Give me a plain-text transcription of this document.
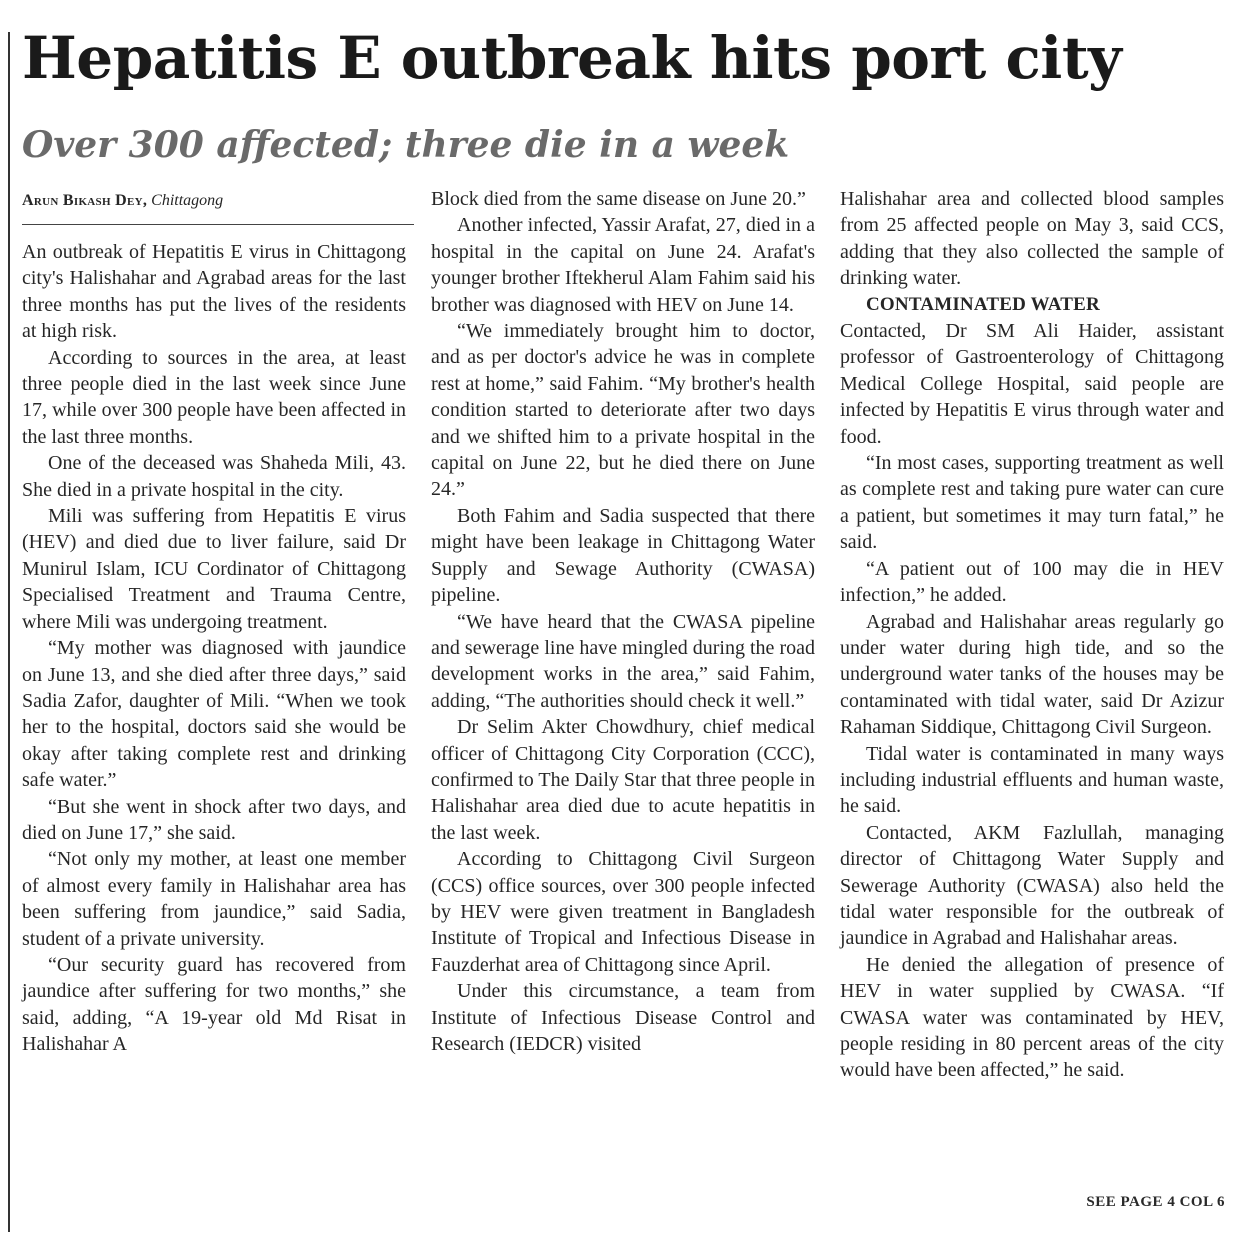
Hepatitis E outbreak hits port city
Over 300 affected; three die in a week
Arun Bikash Dey, Chittagong

An outbreak of Hepatitis E virus in Chittagong city's Halishahar and Agrabad areas for the last three months has put the lives of the residents at high risk.

According to sources in the area, at least three people died in the last week since June 17, while over 300 people have been affected in the last three months.

One of the deceased was Shaheda Mili, 43. She died in a private hospital in the city.

Mili was suffering from Hepatitis E virus (HEV) and died due to liver failure, said Dr Munirul Islam, ICU Cordinator of Chittagong Specialised Treatment and Trauma Centre, where Mili was undergoing treatment.

“My mother was diagnosed with jaundice on June 13, and she died after three days,” said Sadia Zafor, daughter of Mili. “When we took her to the hospital, doctors said she would be okay after taking complete rest and drinking safe water.”

“But she went in shock after two days, and died on June 17,” she said.

“Not only my mother, at least one member of almost every family in Halishahar area has been suffering from jaundice,” said Sadia, student of a private university.

“Our security guard has recovered from jaundice after suffering for two months,” she said, adding, “A 19-year old Md Risat in Halishahar A

Block died from the same disease on June 20.”

Another infected, Yassir Arafat, 27, died in a hospital in the capital on June 24. Arafat's younger brother Iftekherul Alam Fahim said his brother was diagnosed with HEV on June 14.

“We immediately brought him to doctor, and as per doctor's advice he was in complete rest at home,” said Fahim. “My brother's health condition started to deteriorate after two days and we shifted him to a private hospital in the capital on June 22, but he died there on June 24.”

Both Fahim and Sadia suspected that there might have been leakage in Chittagong Water Supply and Sewage Authority (CWASA) pipeline.

“We have heard that the CWASA pipeline and sewerage line have mingled during the road development works in the area,” said Fahim, adding, “The authorities should check it well.”

Dr Selim Akter Chowdhury, chief medical officer of Chittagong City Corporation (CCC), confirmed to The Daily Star that three people in Halishahar area died due to acute hepatitis in the last week.

According to Chittagong Civil Surgeon (CCS) office sources, over 300 people infected by HEV were given treatment in Bangladesh Institute of Tropical and Infectious Disease in Fauzderhat area of Chittagong since April.

Under this circumstance, a team from Institute of Infectious Disease Control and Research (IEDCR) visited

Halishahar area and collected blood samples from 25 affected people on May 3, said CCS, adding that they also collected the sample of drinking water.

CONTAMINATED WATER

Contacted, Dr SM Ali Haider, assistant professor of Gastroenterology of Chittagong Medical College Hospital, said people are infected by Hepatitis E virus through water and food.

“In most cases, supporting treatment as well as complete rest and taking pure water can cure a patient, but sometimes it may turn fatal,” he said.

“A patient out of 100 may die in HEV infection,” he added.

Agrabad and Halishahar areas regularly go under water during high tide, and so the underground water tanks of the houses may be contaminated with tidal water, said Dr Azizur Rahaman Siddique, Chittagong Civil Surgeon.

Tidal water is contaminated in many ways including industrial effluents and human waste, he said.

Contacted, AKM Fazlullah, managing director of Chittagong Water Supply and Sewerage Authority (CWASA) also held the tidal water responsible for the outbreak of jaundice in Agrabad and Halishahar areas.

He denied the allegation of presence of HEV in water supplied by CWASA. “If CWASA water was contaminated by HEV, people residing in 80 percent areas of the city would have been affected,” he said.

SEE PAGE 4 COL 6
